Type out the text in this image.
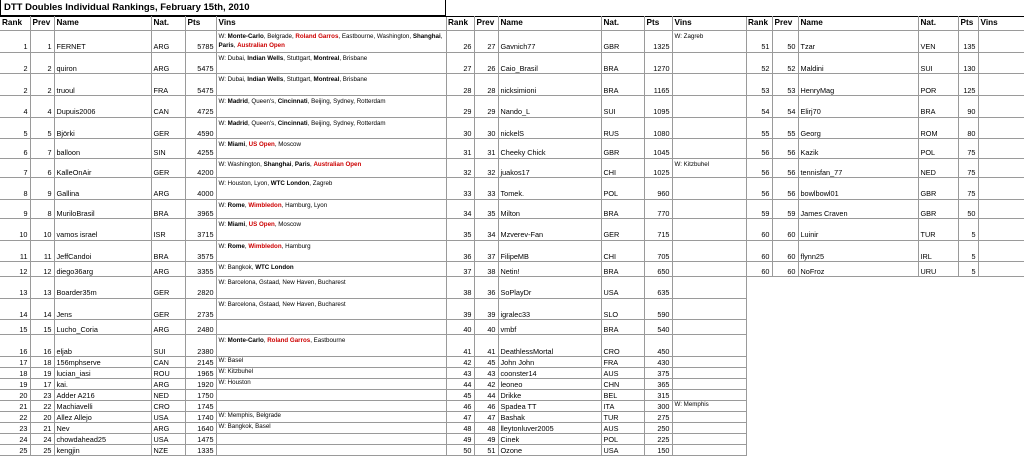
DTT Doubles Individual Rankings, February 15th, 2010
Rank	Prev	Name	Nat.	Pts	Vins
1	1	FERNET	ARG	5785	W: Monte-Carlo, Belgrade, Roland Garros, Eastbourne, Washington, Shanghai, Paris, Australian Open
2	2	quiron	ARG	5475	W: Dubai, Indian Wells, Stuttgart, Montreal, Brisbane
2	2	truoul	FRA	5475	W: Dubai, Indian Wells, Stuttgart, Montreal, Brisbane
4	4	Dupuis2006	CAN	4725	W: Madrid, Queen's, Cincinnati, Beijing, Sydney, Rotterdam
5	5	Björki	GER	4590	W: Madrid, Queen's, Cincinnati, Beijing, Sydney, Rotterdam
6	7	balloon	SIN	4255	W: Miami, US Open, Moscow
7	6	KalleOnAir	GER	4200	W: Washington, Shanghai, Paris, Australian Open
8	9	Gallina	ARG	4000	W: Houston, Lyon, WTC London, Zagreb
9	8	MuriloBrasil	BRA	3965	W: Rome, Wimbledon, Hamburg, Lyon
10	10	vamos israel	ISR	3715	W: Miami, US Open, Moscow
11	11	JeffCandoi	BRA	3575	W: Rome, Wimbledon, Hamburg
12	12	diego36arg	ARG	3355	W: Bangkok, WTC London
13	13	Boarder35m	GER	2820	W: Barcelona, Gstaad, New Haven, Bucharest
14	14	Jens	GER	2735	W: Barcelona, Gstaad, New Haven, Bucharest
15	15	Lucho_Coria	ARG	2480	
16	16	eljab	SUI	2380	W: Monte-Carlo, Roland Garros, Eastbourne
17	18	156mphserve	CAN	2145	W: Basel
18	19	lucian_iasi	ROU	1965	W: Kitzbuhel
19	17	kai.	ARG	1920	W: Houston
20	23	Adder A216	NED	1750	
21	22	Machiavelli	CRO	1745	
22	20	Allez Allejo	USA	1740	W: Memphis, Belgrade
23	21	Nev	ARG	1640	W: Bangkok, Basel
24	24	chowdahead25	USA	1475	
25	25	kengjin	NZE	1335	
Rank	Prev	Name	Nat.	Pts	Vins
26	27	Gavnich77	GBR	1325	W: Zagreb
27	26	Caio_Brasil	BRA	1270	
28	28	nicksimioni	BRA	1165	
29	29	Nando_L	SUI	1095	
30	30	nickelS	RUS	1080	
31	31	Cheeky Chick	GBR	1045	
32	32	juakos17	CHI	1025	W: Kitzbuhel
33	33	Tomek.	POL	960	
34	35	Milton	BRA	770	
35	34	Mzverev-Fan	GER	715	
36	37	FilipeMB	CHI	705	
37	38	Netin!	BRA	650	
38	36	SoPlayDr	USA	635	
39	39	igralec33	SLO	590	
40	40	vmbf	BRA	540	
41	41	DeathlessMortal	CRO	450	
42	45	John John	FRA	430	
43	43	coonster14	AUS	375	
44	42	leoneo	CHN	365	
45	44	Drikke	BEL	315	
46	46	Spadea TT	ITA	300	W: Memphis
47	47	Bashak	TUR	275	
48	48	lleytonluver2005	AUS	250	
49	49	Cinek	POL	225	
50	51	Ozone	USA	150	
Rank	Prev	Name	Nat.	Pts	Vins
51	50	Tzar	VEN	135	
52	52	Maldini	SUI	130	
53	53	HenryMag	POR	125	
54	54	Elirj70	BRA	90	
55	55	Georg	ROM	80	
56	56	Kazik	POL	75	
56	56	tennisfan_77	NED	75	
56	56	bowlbowl01	GBR	75	
59	59	James Craven	GBR	50	
60	60	Luinir	TUR	5	
60	60	flynn25	IRL	5	
60	60	NoFroz	URU	5	
